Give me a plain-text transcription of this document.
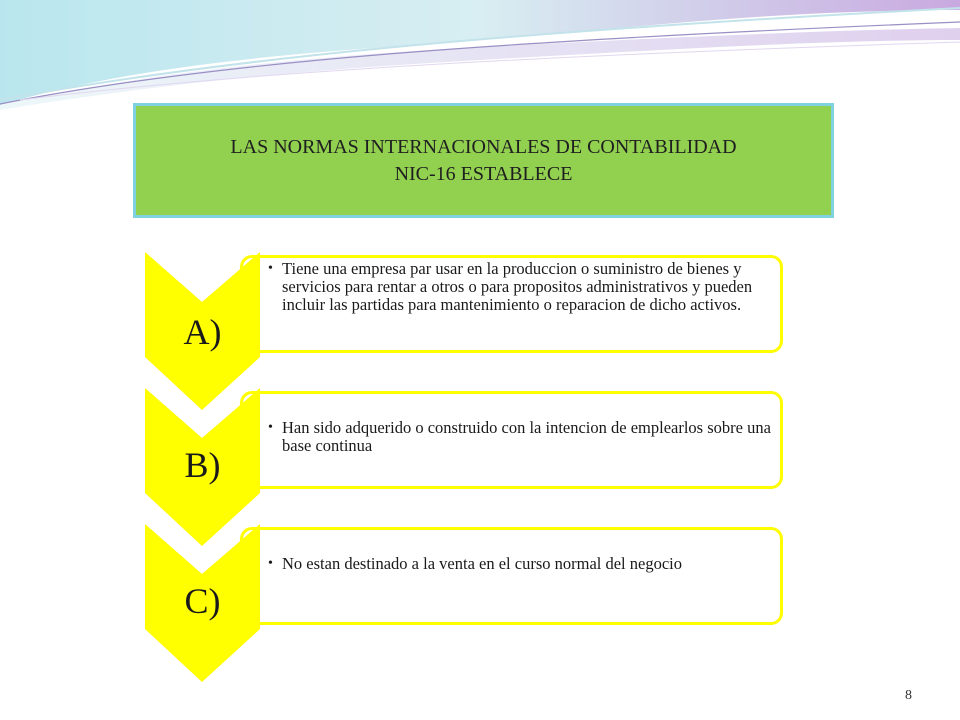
LAS NORMAS INTERNACIONALES DE CONTABILIDAD
NIC-16 ESTABLECE
A)
• Tiene una empresa par usar en la produccion o suministro de bienes y servicios para rentar a otros o para propositos administrativos y pueden incluir las partidas para mantenimiento o reparacion de dicho activos.
B)
• Han sido adquerido o construido con la intencion de emplearlos sobre una base continua
C)
• No estan destinado a la venta en el curso normal del negocio
8
